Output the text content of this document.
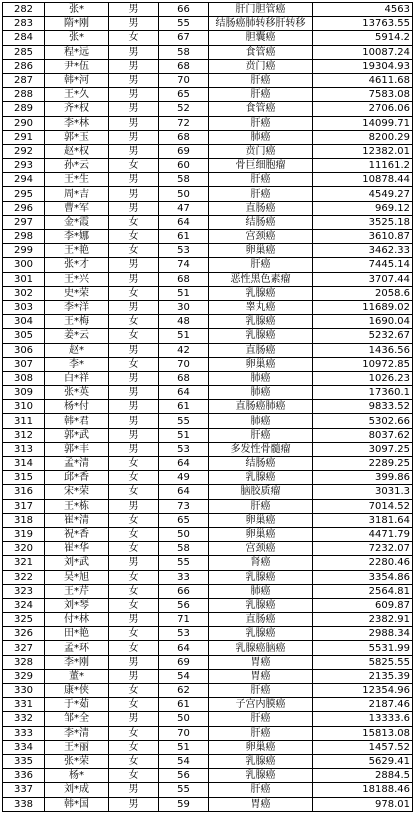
282	张*	男	66	肝门胆管癌	4563
283	隋*刚	男	55	结肠癌肺转移肝转移	13763.55
284	张*	女	67	胆囊癌	5914.2
285	程*远	男	58	食管癌	10087.24
286	尹*伍	男	68	贲门癌	19304.93
287	韩*河	男	70	肝癌	4611.68
288	王*久	男	65	肝癌	7583.08
289	齐*权	男	52	食管癌	2706.06
290	李*林	男	72	肝癌	14099.71
291	郭*玉	男	68	肺癌	8200.29
292	赵*权	男	69	贲门癌	12382.01
293	孙*云	女	60	骨巨细胞瘤	11161.2
294	王*生	男	58	肝癌	10878.44
295	周*吉	男	50	肝癌	4549.27
296	曹*军	男	47	直肠癌	969.12
297	金*霞	女	64	结肠癌	3525.18
298	李*娜	女	61	宫颈癌	3610.87
299	王*艳	女	53	卵巢癌	3462.33
300	张*才	男	74	肝癌	7445.14
301	王*兴	男	68	恶性黑色素瘤	3707.44
302	史*荣	女	51	乳腺癌	2058.6
303	李*洋	男	30	睾丸癌	11689.02
304	王*梅	女	48	乳腺癌	1690.04
305	姜*云	女	51	乳腺癌	5232.67
306	赵*	男	42	直肠癌	1436.56
307	李*	女	70	卵巢癌	10972.85
308	白*祥	男	68	肺癌	1026.23
309	张*英	男	64	肺癌	17360.1
310	杨*付	男	61	直肠癌肺癌	9833.52
311	韩*君	男	55	肺癌	5302.66
312	郭*武	男	51	肝癌	8037.62
313	郭*丰	男	53	多发性骨髓瘤	3097.25
314	孟*清	女	64	结肠癌	2289.25
315	邱*香	女	49	乳腺癌	399.86
316	宋*荣	女	64	脑胶质瘤	3031.3
317	王*栋	男	73	肝癌	7014.52
318	崔*清	女	65	卵巢癌	3181.64
319	祝*香	女	50	卵巢癌	4471.79
320	崔*华	女	58	宫颈癌	7232.07
321	刘*武	男	55	肾癌	2280.46
322	吴*旭	女	33	乳腺癌	3354.86
323	王*芹	女	66	肺癌	2564.81
324	刘*琴	女	56	乳腺癌	609.87
325	付*林	男	71	直肠癌	2382.91
326	田*艳	女	53	乳腺癌	2988.34
327	孟*环	女	64	乳腺癌脑癌	5531.99
328	李*刚	男	69	胃癌	5825.55
329	董*	男	54	胃癌	2135.39
330	康*侠	女	62	肝癌	12354.96
331	于*茹	女	61	子宫内膜癌	2187.46
332	邹*全	男	50	肝癌	13333.6
333	李*清	女	70	肝癌	15813.08
334	王*丽	女	51	卵巢癌	1457.52
335	张*荣	女	54	乳腺癌	5629.41
336	杨*	女	56	乳腺癌	2884.5
337	刘*成	男	55	肝癌	18188.46
338	韩*国	男	59	胃癌	978.01
